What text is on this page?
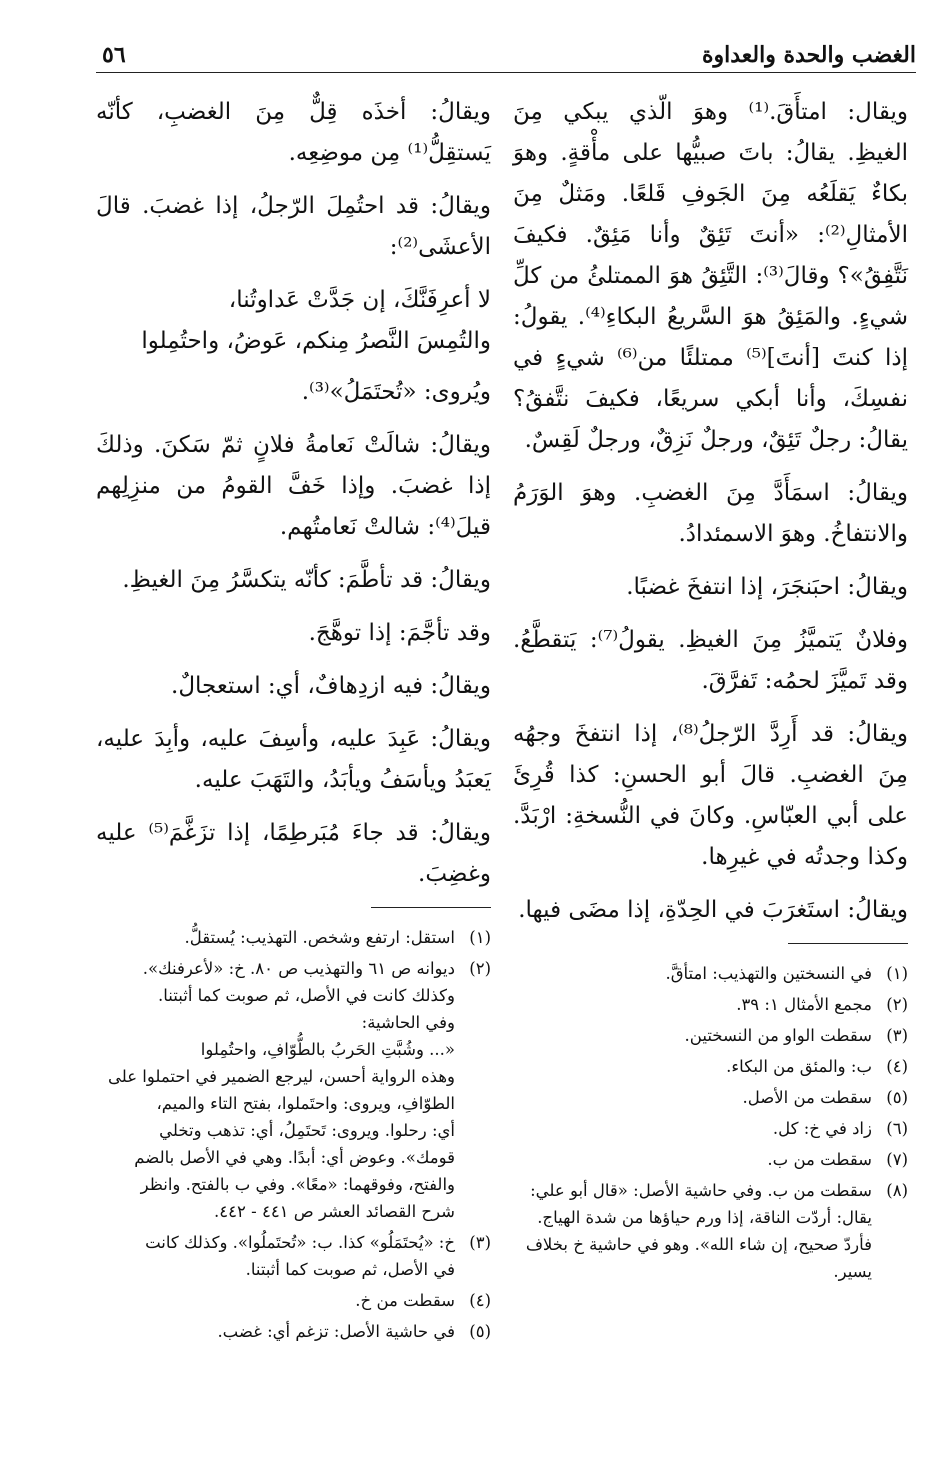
الغضب والحدة والعداوة
٥٦

ويقال: امتأَقَ.⁽¹⁾ وهوَ الّذي يبكي مِنَ الغيظِ. يقالُ: باتَ صبيُّها على مأْقةٍ. وهوَ بكاءٌ يَقلَعُه مِنَ الجَوفِ قَلعًا. ومَثلٌ مِنَ الأمثالِ⁽²⁾: «أنتَ تَئِقٌ وأنا مَئِقٌ. فكيفَ نَتَّفِقُ»؟ وقالَ⁽³⁾: التَّئِقُ هوَ الممتلئُ من كلِّ شيءٍ. والمَئِقُ هوَ السَّريعُ البكاءِ⁽⁴⁾. يقولُ: إذا كنتَ [أنتَ]⁽⁵⁾ ممتلئًا من⁽⁶⁾ شيءٍ في نفسِكَ، وأنا أبكي سريعًا، فكيفَ نتَّفقُ؟ يقالُ: رجلٌ تَئِقٌ، ورجلٌ نَزِقٌ، ورجلٌ لَقِسٌ.

ويقالُ: اسمَأَدَّ مِنَ الغضبِ. وهوَ الوَرَمُ والانتفاخُ. وهوَ الاسمئدادُ.

ويقالُ: احبَنجَرَ، إذا انتفخَ غضبًا.

وفلانٌ يَتميَّزُ مِنَ الغيظِ. يقولُ⁽⁷⁾: يَتقطَّعُ. وقد تَميَّزَ لحمُه: تَفرَّقَ.

ويقالُ: قد أَرِدَّ الرّجلُ⁽⁸⁾، إذا انتفخَ وجهُه مِنَ الغضبِ. قالَ أبو الحسنِ: كذا قُرِئَ على أبي العبّاسِ. وكانَ في النُّسخةِ: ارْبَدَّ. وكذا وجدتُه في غيرِها.

ويقالُ: استَغرَبَ في الحِدّةِ، إذا مضَى فيها.

(١)
في النسختين والتهذيب: امتأقَّ.
(٢)
مجمع الأمثال ١: ٣٩.
(٣)
سقطت الواو من النسختين.
(٤)
ب: والمئق من البكاء.
(٥)
سقطت من الأصل.
(٦)
زاد في خ: كل.
(٧)
سقطت من ب.
(٨)
سقطت من ب. وفي حاشية الأصل: «قال أبو علي:
يقال: أردّت الناقة، إذا ورم حياؤها من شدة الهياج.
فأردّ صحيح، إن شاء الله». وهو في حاشية خ بخلاف
يسير.

ويقالُ: أخذَه قِلٌّ مِنَ الغضبِ، كأنّه يَستقِلُّ⁽¹⁾ مِن موضِعِه.

ويقالُ: قد احتُمِلَ الرّجلُ، إذا غضبَ. قالَ الأعشَى⁽²⁾:

لا أعرِفَنَّكَ، إن جَدَّتْ عَداوتُنا،
والتُمِسَ النَّصرُ مِنكم، عَوضُ، واحتُمِلوا

ويُروى: «تُحتَمَلُ»⁽³⁾.

ويقالُ: شالَتْ نَعامةُ فلانٍ ثمّ سَكنَ. وذلكَ إذا غضبَ. وإذا خَفَّ القومُ من منزِلِهم قيلَ⁽⁴⁾: شالتْ نَعامتُهم.

ويقالُ: قد تأطَّمَ: كأنّه يتكسَّرُ مِنَ الغيظِ.

وقد تأجَّمَ: إذا توهَّجَ.

ويقالُ: فيه ازدِهافٌ، أي: استعجالٌ.

ويقالُ: عَبِدَ عليه، وأسِفَ عليه، وأبِدَ عليه، يَعبَدُ ويأسَفُ ويأبَدُ، والتَهَبَ عليه.

ويقالُ: قد جاءَ مُبَرطِمًا، إذا تزَغَّمَ⁽⁵⁾ عليه وغضِبَ.

(١)
استقل: ارتفع وشخص. التهذيب: يُستقلُّ.
(٢)
ديوانه ص ٦١ والتهذيب ص ٨٠. خ: «لأعرفنك».
وكذلك كانت في الأصل، ثم صوبت كما أثبتنا.
وفي الحاشية:
«... وشُبَّتِ الحَربُ بالطُّوّافِ، واحتُمِلوا
وهذه الرواية أحسن، ليرجع الضمير في احتملوا على
الطوّافِ، ويروى: واحتَملوا، بفتح التاء والميم،
أي: رحلوا. ويروى: تَحتَمِلُ، أي: تذهب وتخلي
قومك». وعوض أي: أبدًا. وهي في الأصل بالضم
والفتح، وفوقهما: «معًا». وفي ب بالفتح. وانظر
شرح القصائد العشر ص ٤٤١ - ٤٤٢.
(٣)
خ: «يُحتَمَلُو» كذا. ب: «تُحتَملُوا». وكذلك كانت
في الأصل، ثم صوبت كما أثبتنا.
(٤)
سقطت من خ.
(٥)
في حاشية الأصل: تزغم أي: غضب.
